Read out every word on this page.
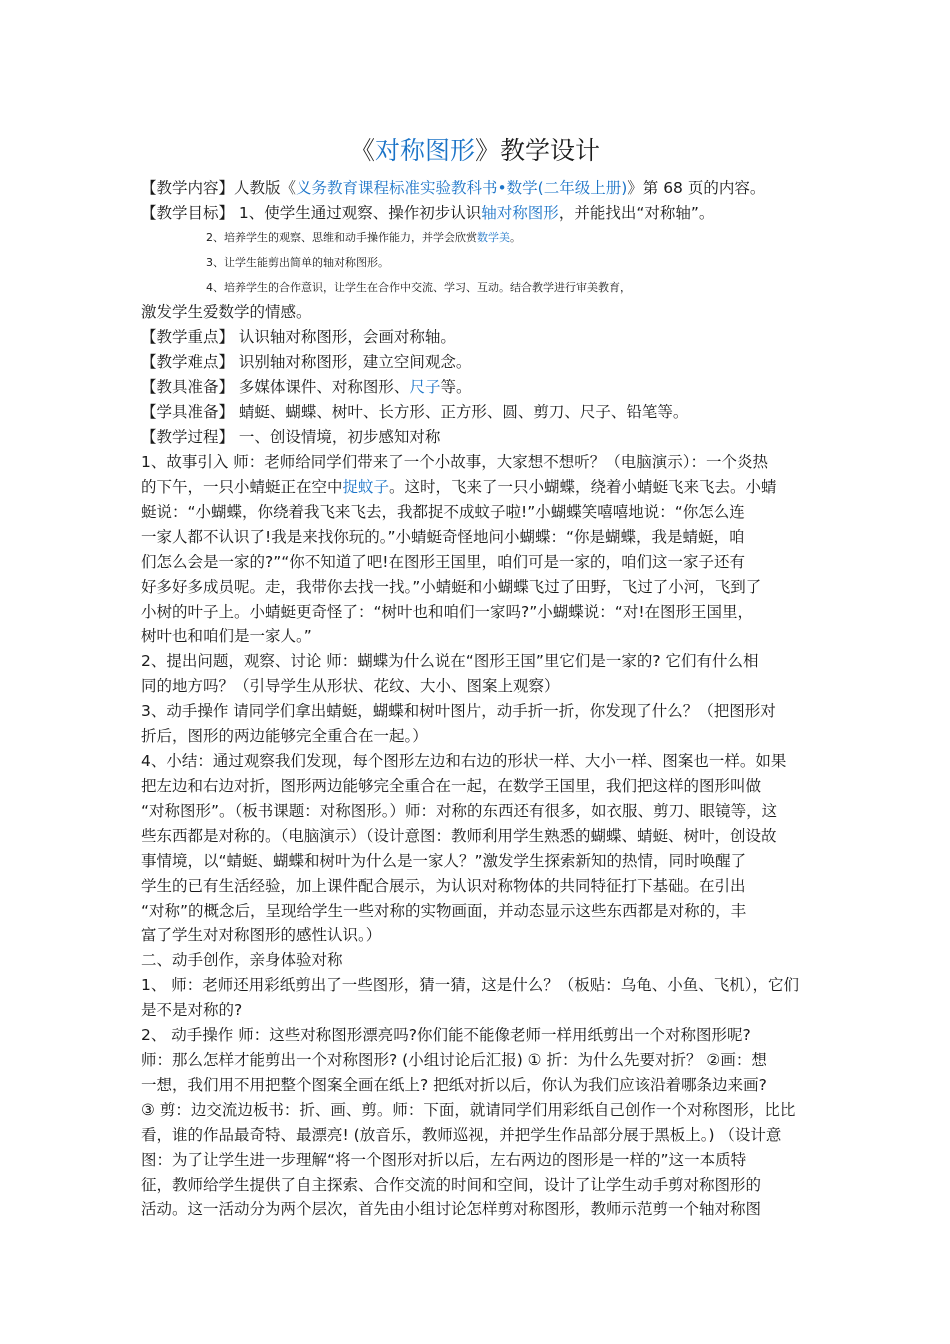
《对称图形》教学设计
【教学内容】人教版《义务教育课程标准实验教科书•数学(二年级上册)》第 68 页的内容。
【教学目标】 1、使学生通过观察、操作初步认识轴对称图形，并能找出“对称轴”。
2、培养学生的观察、思维和动手操作能力，并学会欣赏数学美。
3、让学生能剪出简单的轴对称图形。
4、培养学生的合作意识，让学生在合作中交流、学习、互动。结合教学进行审美教育，
激发学生爱数学的情感。
【教学重点】 认识轴对称图形，会画对称轴。
【教学难点】 识别轴对称图形，建立空间观念。
【教具准备】 多媒体课件、对称图形、尺子等。
【学具准备】 蜻蜓、蝴蝶、树叶、长方形、正方形、圆、剪刀、尺子、铅笔等。
【教学过程】 一、创设情境，初步感知对称
1、故事引入 师：老师给同学们带来了一个小故事，大家想不想听？（电脑演示）：一个炎热
的下午，一只小蜻蜓正在空中捉蚊子。这时，飞来了一只小蝴蝶，绕着小蜻蜓飞来飞去。小蜻
蜓说：“小蝴蝶，你绕着我飞来飞去，我都捉不成蚊子啦!”小蝴蝶笑嘻嘻地说：“你怎么连
一家人都不认识了!我是来找你玩的。”小蜻蜓奇怪地问小蝴蝶：“你是蝴蝶，我是蜻蜓，咱
们怎么会是一家的?”“你不知道了吧!在图形王国里，咱们可是一家的，咱们这一家子还有
好多好多成员呢。走，我带你去找一找。”小蜻蜓和小蝴蝶飞过了田野，飞过了小河，飞到了
小树的叶子上。小蜻蜓更奇怪了：“树叶也和咱们一家吗?”小蝴蝶说：“对!在图形王国里，
树叶也和咱们是一家人。”
2、提出问题，观察、讨论 师：蝴蝶为什么说在“图形王国”里它们是一家的? 它们有什么相
同的地方吗？（引导学生从形状、花纹、大小、图案上观察）
3、动手操作 请同学们拿出蜻蜓，蝴蝶和树叶图片，动手折一折，你发现了什么？（把图形对
折后，图形的两边能够完全重合在一起。）
4、小结：通过观察我们发现，每个图形左边和右边的形状一样、大小一样、图案也一样。如果
把左边和右边对折，图形两边能够完全重合在一起，在数学王国里，我们把这样的图形叫做
“对称图形”。（板书课题：对称图形。）师：对称的东西还有很多，如衣服、剪刀、眼镜等，这
些东西都是对称的。（电脑演示）（设计意图：教师利用学生熟悉的蝴蝶、蜻蜓、树叶，创设故
事情境，以“蜻蜓、蝴蝶和树叶为什么是一家人？”激发学生探索新知的热情，同时唤醒了
学生的已有生活经验，加上课件配合展示，为认识对称物体的共同特征打下基础。在引出
“对称”的概念后，呈现给学生一些对称的实物画面，并动态显示这些东西都是对称的，丰
富了学生对对称图形的感性认识。）
二、动手创作，亲身体验对称
1、 师：老师还用彩纸剪出了一些图形，猜一猜，这是什么？（板贴：乌龟、小鱼、飞机），它们
是不是对称的?
2、 动手操作 师：这些对称图形漂亮吗?你们能不能像老师一样用纸剪出一个对称图形呢?
师：那么怎样才能剪出一个对称图形? (小组讨论后汇报) ① 折：为什么先要对折？ ②画：想
一想，我们用不用把整个图案全画在纸上? 把纸对折以后，你认为我们应该沿着哪条边来画?
③ 剪：边交流边板书：折、画、剪。师：下面，就请同学们用彩纸自己创作一个对称图形，比比
看，谁的作品最奇特、最漂亮! (放音乐，教师巡视，并把学生作品部分展于黑板上。) （设计意
图：为了让学生进一步理解“将一个图形对折以后，左右两边的图形是一样的”这一本质特
征，教师给学生提供了自主探索、合作交流的时间和空间，设计了让学生动手剪对称图形的
活动。这一活动分为两个层次，首先由小组讨论怎样剪对称图形，教师示范剪一个轴对称图
